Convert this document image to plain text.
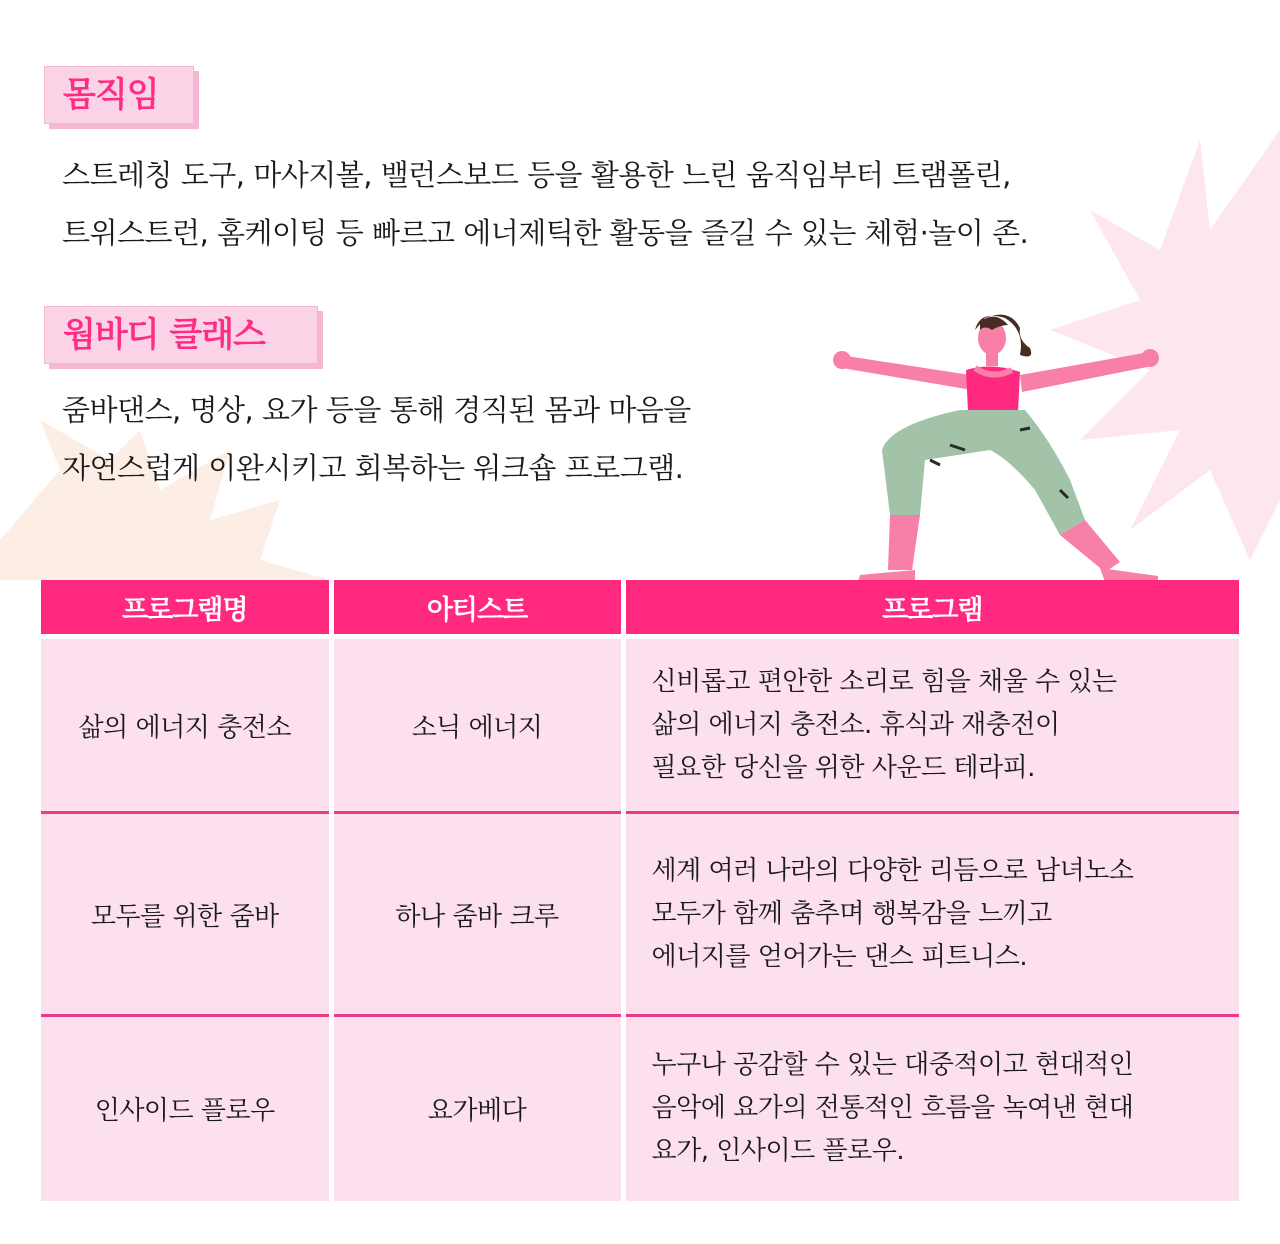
몸직임
스트레칭 도구, 마사지볼, 밸런스보드 등을 활용한 느린 움직임부터 트램폴린,
트위스트런, 홈케이팅 등 빠르고 에너제틱한 활동을 즐길 수 있는 체험·놀이 존.
웜바디 클래스
줌바댄스, 명상, 요가 등을 통해 경직된 몸과 마음을
자연스럽게 이완시키고 회복하는 워크숍 프로그램.
프로그램명	아티스트	프로그램
삶의 에너지 충전소	소닉 에너지	신비롭고 편안한 소리로 힘을 채울 수 있는
삶의 에너지 충전소. 휴식과 재충전이
필요한 당신을 위한 사운드 테라피.

모두를 위한 줌바	하나 줌바 크루	세계 여러 나라의 다양한 리듬으로 남녀노소
모두가 함께 춤추며 행복감을 느끼고
에너지를 얻어가는 댄스 피트니스.

인사이드 플로우	요가베다	누구나 공감할 수 있는 대중적이고 현대적인
음악에 요가의 전통적인 흐름을 녹여낸 현대
요가, 인사이드 플로우.
